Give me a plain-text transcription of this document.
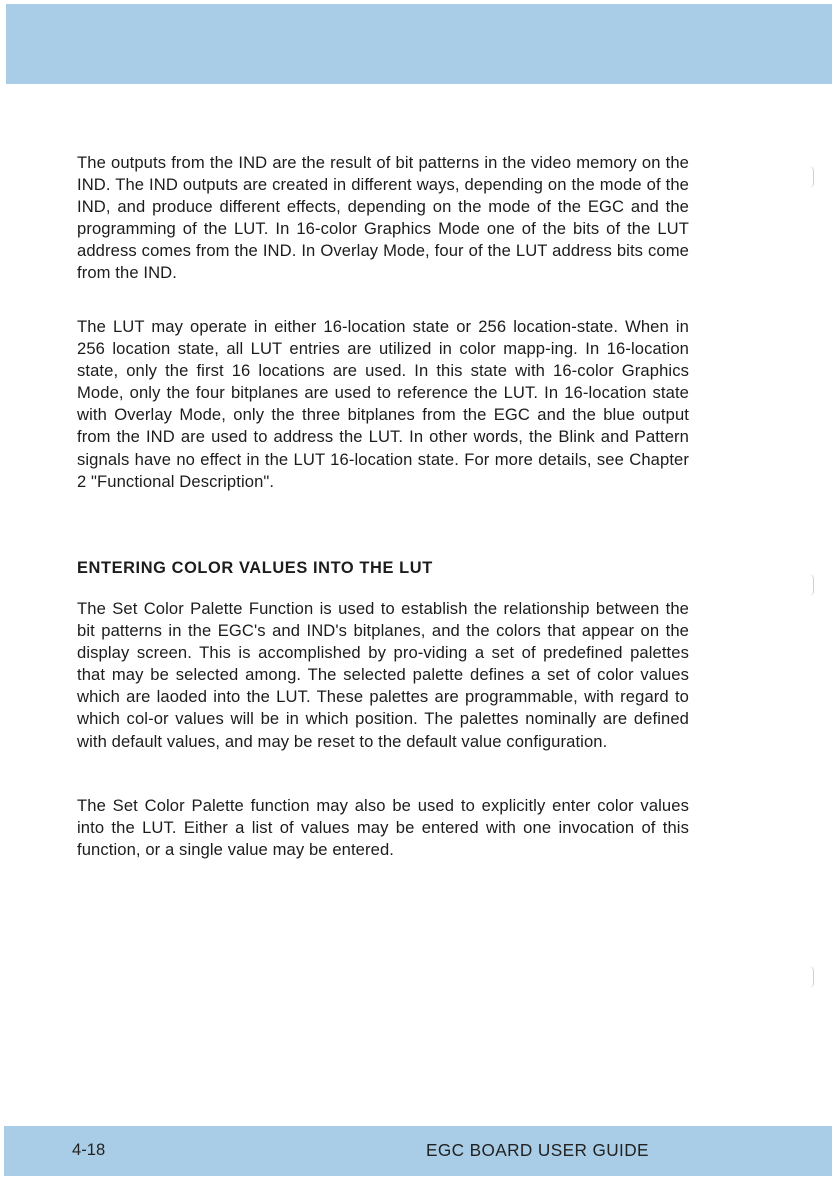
The outputs from the IND are the result of bit patterns in the video memory on the IND. The IND outputs are created in different ways, depending on the mode of the IND, and produce different effects, depending on the mode of the EGC and the programming of the LUT. In 16-color Graphics Mode one of the bits of the LUT address comes from the IND. In Overlay Mode, four of the LUT address bits come from the IND.

The LUT may operate in either 16-location state or 256 location-state. When in 256 location state, all LUT entries are utilized in color mapp-ing. In 16-location state, only the first 16 locations are used. In this state with 16-color Graphics Mode, only the four bitplanes are used to reference the LUT. In 16-location state with Overlay Mode, only the three bitplanes from the EGC and the blue output from the IND are used to address the LUT. In other words, the Blink and Pattern signals have no effect in the LUT 16-location state. For more details, see Chapter 2 "Functional Description".

ENTERING COLOR VALUES INTO THE LUT

The Set Color Palette Function is used to establish the relationship between the bit patterns in the EGC's and IND's bitplanes, and the colors that appear on the display screen. This is accomplished by pro-viding a set of predefined palettes that may be selected among. The selected palette defines a set of color values which are laoded into the LUT. These palettes are programmable, with regard to which col-or values will be in which position. The palettes nominally are defined with default values, and may be reset to the default value configuration.

The Set Color Palette function may also be used to explicitly enter color values into the LUT. Either a list of values may be entered with one invocation of this function, or a single value may be entered.

4-18	EGC BOARD USER GUIDE
